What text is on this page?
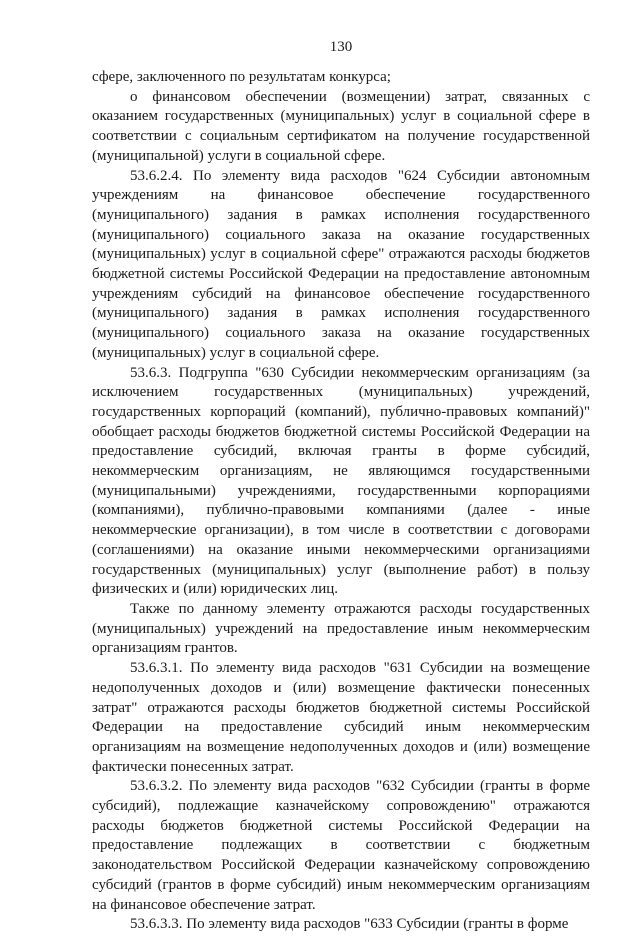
130

сфере, заключенного по результатам конкурса;

о финансовом обеспечении (возмещении) затрат, связанных с оказанием государственных (муниципальных) услуг в социальной сфере в соответствии с социальным сертификатом на получение государственной (муниципальной) услуги в социальной сфере.

53.6.2.4. По элементу вида расходов "624 Субсидии автономным учреждениям на финансовое обеспечение государственного (муниципального) задания в рамках исполнения государственного (муниципального) социального заказа на оказание государственных (муниципальных) услуг в социальной сфере" отражаются расходы бюджетов бюджетной системы Российской Федерации на предоставление автономным учреждениям субсидий на финансовое обеспечение государственного (муниципального) задания в рамках исполнения государственного (муниципального) социального заказа на оказание государственных (муниципальных) услуг в социальной сфере.

53.6.3. Подгруппа "630 Субсидии некоммерческим организациям (за исключением государственных (муниципальных) учреждений, государственных корпораций (компаний), публично-правовых компаний)" обобщает расходы бюджетов бюджетной системы Российской Федерации на предоставление субсидий, включая гранты в форме субсидий, некоммерческим организациям, не являющимся государственными (муниципальными) учреждениями, государственными корпорациями (компаниями), публично-правовыми компаниями (далее - иные некоммерческие организации), в том числе в соответствии с договорами (соглашениями) на оказание иными некоммерческими организациями государственных (муниципальных) услуг (выполнение работ) в пользу физических и (или) юридических лиц.

Также по данному элементу отражаются расходы государственных (муниципальных) учреждений на предоставление иным некоммерческим организациям грантов.

53.6.3.1. По элементу вида расходов "631 Субсидии на возмещение недополученных доходов и (или) возмещение фактически понесенных затрат" отражаются расходы бюджетов бюджетной системы Российской Федерации на предоставление субсидий иным некоммерческим организациям на возмещение недополученных доходов и (или) возмещение фактически понесенных затрат.

53.6.3.2. По элементу вида расходов "632 Субсидии (гранты в форме субсидий), подлежащие казначейскому сопровождению" отражаются расходы бюджетов бюджетной системы Российской Федерации на предоставление подлежащих в соответствии с бюджетным законодательством Российской Федерации казначейскому сопровождению субсидий (грантов в форме субсидий) иным некоммерческим организациям на финансовое обеспечение затрат.

53.6.3.3. По элементу вида расходов "633 Субсидии (гранты в форме
